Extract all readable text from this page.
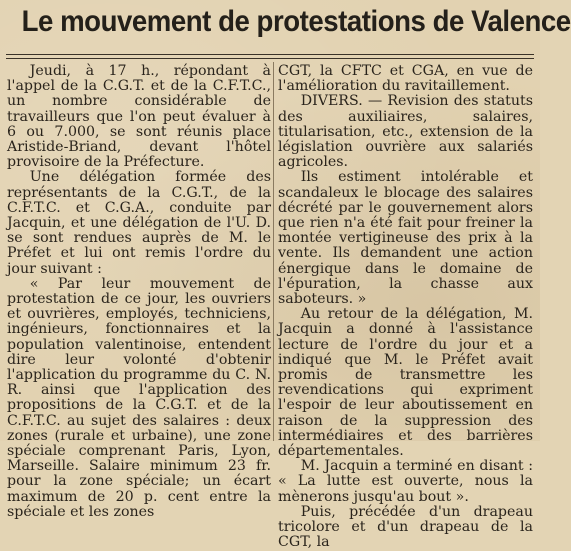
Le mouvement de protestations de Valence

Jeudi, à 17 h., répondant à l'appel de la C.G.T. et de la C.F.T.C., un nombre considérable de travailleurs que l'on peut évaluer à 6 ou 7.000, se sont réunis place Aristide-Briand, devant l'hôtel provisoire de la Préfecture.

Une délégation formée des représentants de la C.G.T., de la C.F.T.C. et C.G.A., conduite par Jacquin, et une délégation de l'U. D. se sont rendues auprès de M. le Préfet et lui ont remis l'ordre du jour suivant :

« Par leur mouvement de protestation de ce jour, les ouvriers et ouvrières, employés, techniciens, ingénieurs, fonctionnaires et la population valentinoise, entendent dire leur volonté d'obtenir l'application du programme du C. N. R. ainsi que l'application des propositions de la C.G.T. et de la C.F.T.C. au sujet des salaires : deux zones (rurale et urbaine), une zone spéciale comprenant Paris, Lyon, Marseille. Salaire minimum 23 fr. pour la zone spéciale; un écart maximum de 20 p. cent entre la spéciale et les zones

CGT, la CFTC et CGA, en vue de l'amélioration du ravitaillement.

DIVERS. — Revision des statuts des auxiliaires, salaires, titularisation, etc., extension de la législation ouvrière aux salariés agricoles.

Ils estiment intolérable et scandaleux le blocage des salaires décrété par le gouvernement alors que rien n'a été fait pour freiner la montée vertigineuse des prix à la vente. Ils demandent une action énergique dans le domaine de l'épuration, la chasse aux saboteurs. »

Au retour de la délégation, M. Jacquin a donné à l'assistance lecture de l'ordre du jour et a indiqué que M. le Préfet avait promis de transmettre les revendications qui expriment l'espoir de leur aboutissement en raison de la suppression des intermédiaires et des barrières départementales.

M. Jacquin a terminé en disant : « La lutte est ouverte, nous la mènerons jusqu'au bout ».

Puis, précédée d'un drapeau tricolore et d'un drapeau de la CGT, la
